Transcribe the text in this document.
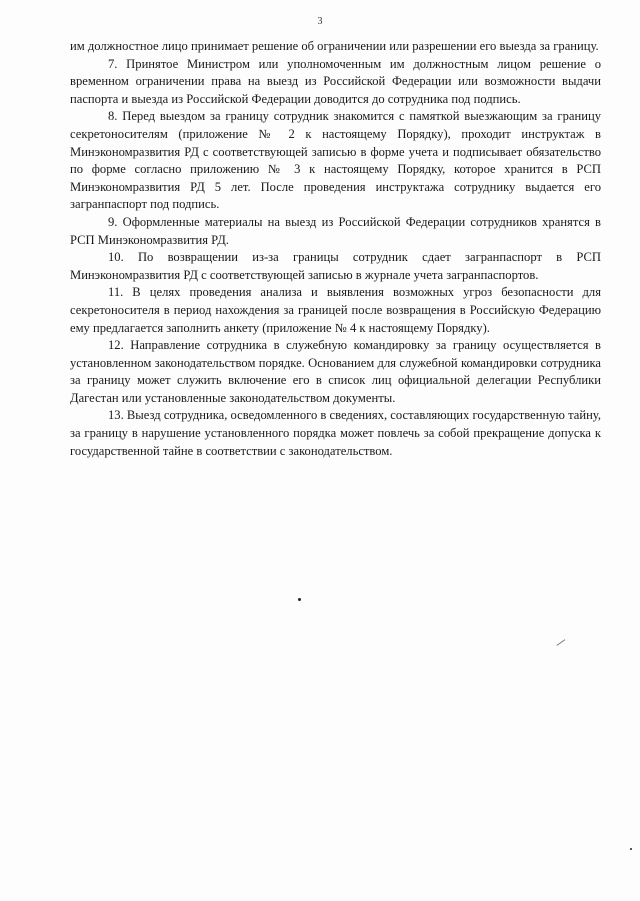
3

им должностное лицо принимает решение об ограничении или разрешении его выезда за границу.

7. Принятое Министром или уполномоченным им должностным лицом решение о временном ограничении права на выезд из Российской Федерации или возможности выдачи паспорта и выезда из Российской Федерации доводится до сотрудника под подпись.

8. Перед выездом за границу сотрудник знакомится с памяткой выезжающим за границу секретоносителям (приложение № 2 к настоящему Порядку), проходит инструктаж в Минэкономразвития РД с соответствующей записью в форме учета и подписывает обязательство по форме согласно приложению № 3 к настоящему Порядку, которое хранится в РСП Минэкономразвития РД 5 лет. После проведения инструктажа сотруднику выдается его загранпаспорт под подпись.

9. Оформленные материалы на выезд из Российской Федерации сотрудников хранятся в РСП Минэкономразвития РД.

10. По возвращении из-за границы сотрудник сдает загранпаспорт в РСП Минэкономразвития РД с соответствующей записью в журнале учета загранпаспортов.

11. В целях проведения анализа и выявления возможных угроз безопасности для секретоносителя в период нахождения за границей после возвращения в Российскую Федерацию ему предлагается заполнить анкету (приложение № 4 к настоящему Порядку).

12. Направление сотрудника в служебную командировку за границу осуществляется в установленном законодательством порядке. Основанием для служебной командировки сотрудника за границу может служить включение его в список лиц официальной делегации Республики Дагестан или установленные законодательством документы.

13. Выезд сотрудника, осведомленного в сведениях, составляющих государственную тайну, за границу в нарушение установленного порядка может повлечь за собой прекращение допуска к государственной тайне в соответствии с законодательством.
